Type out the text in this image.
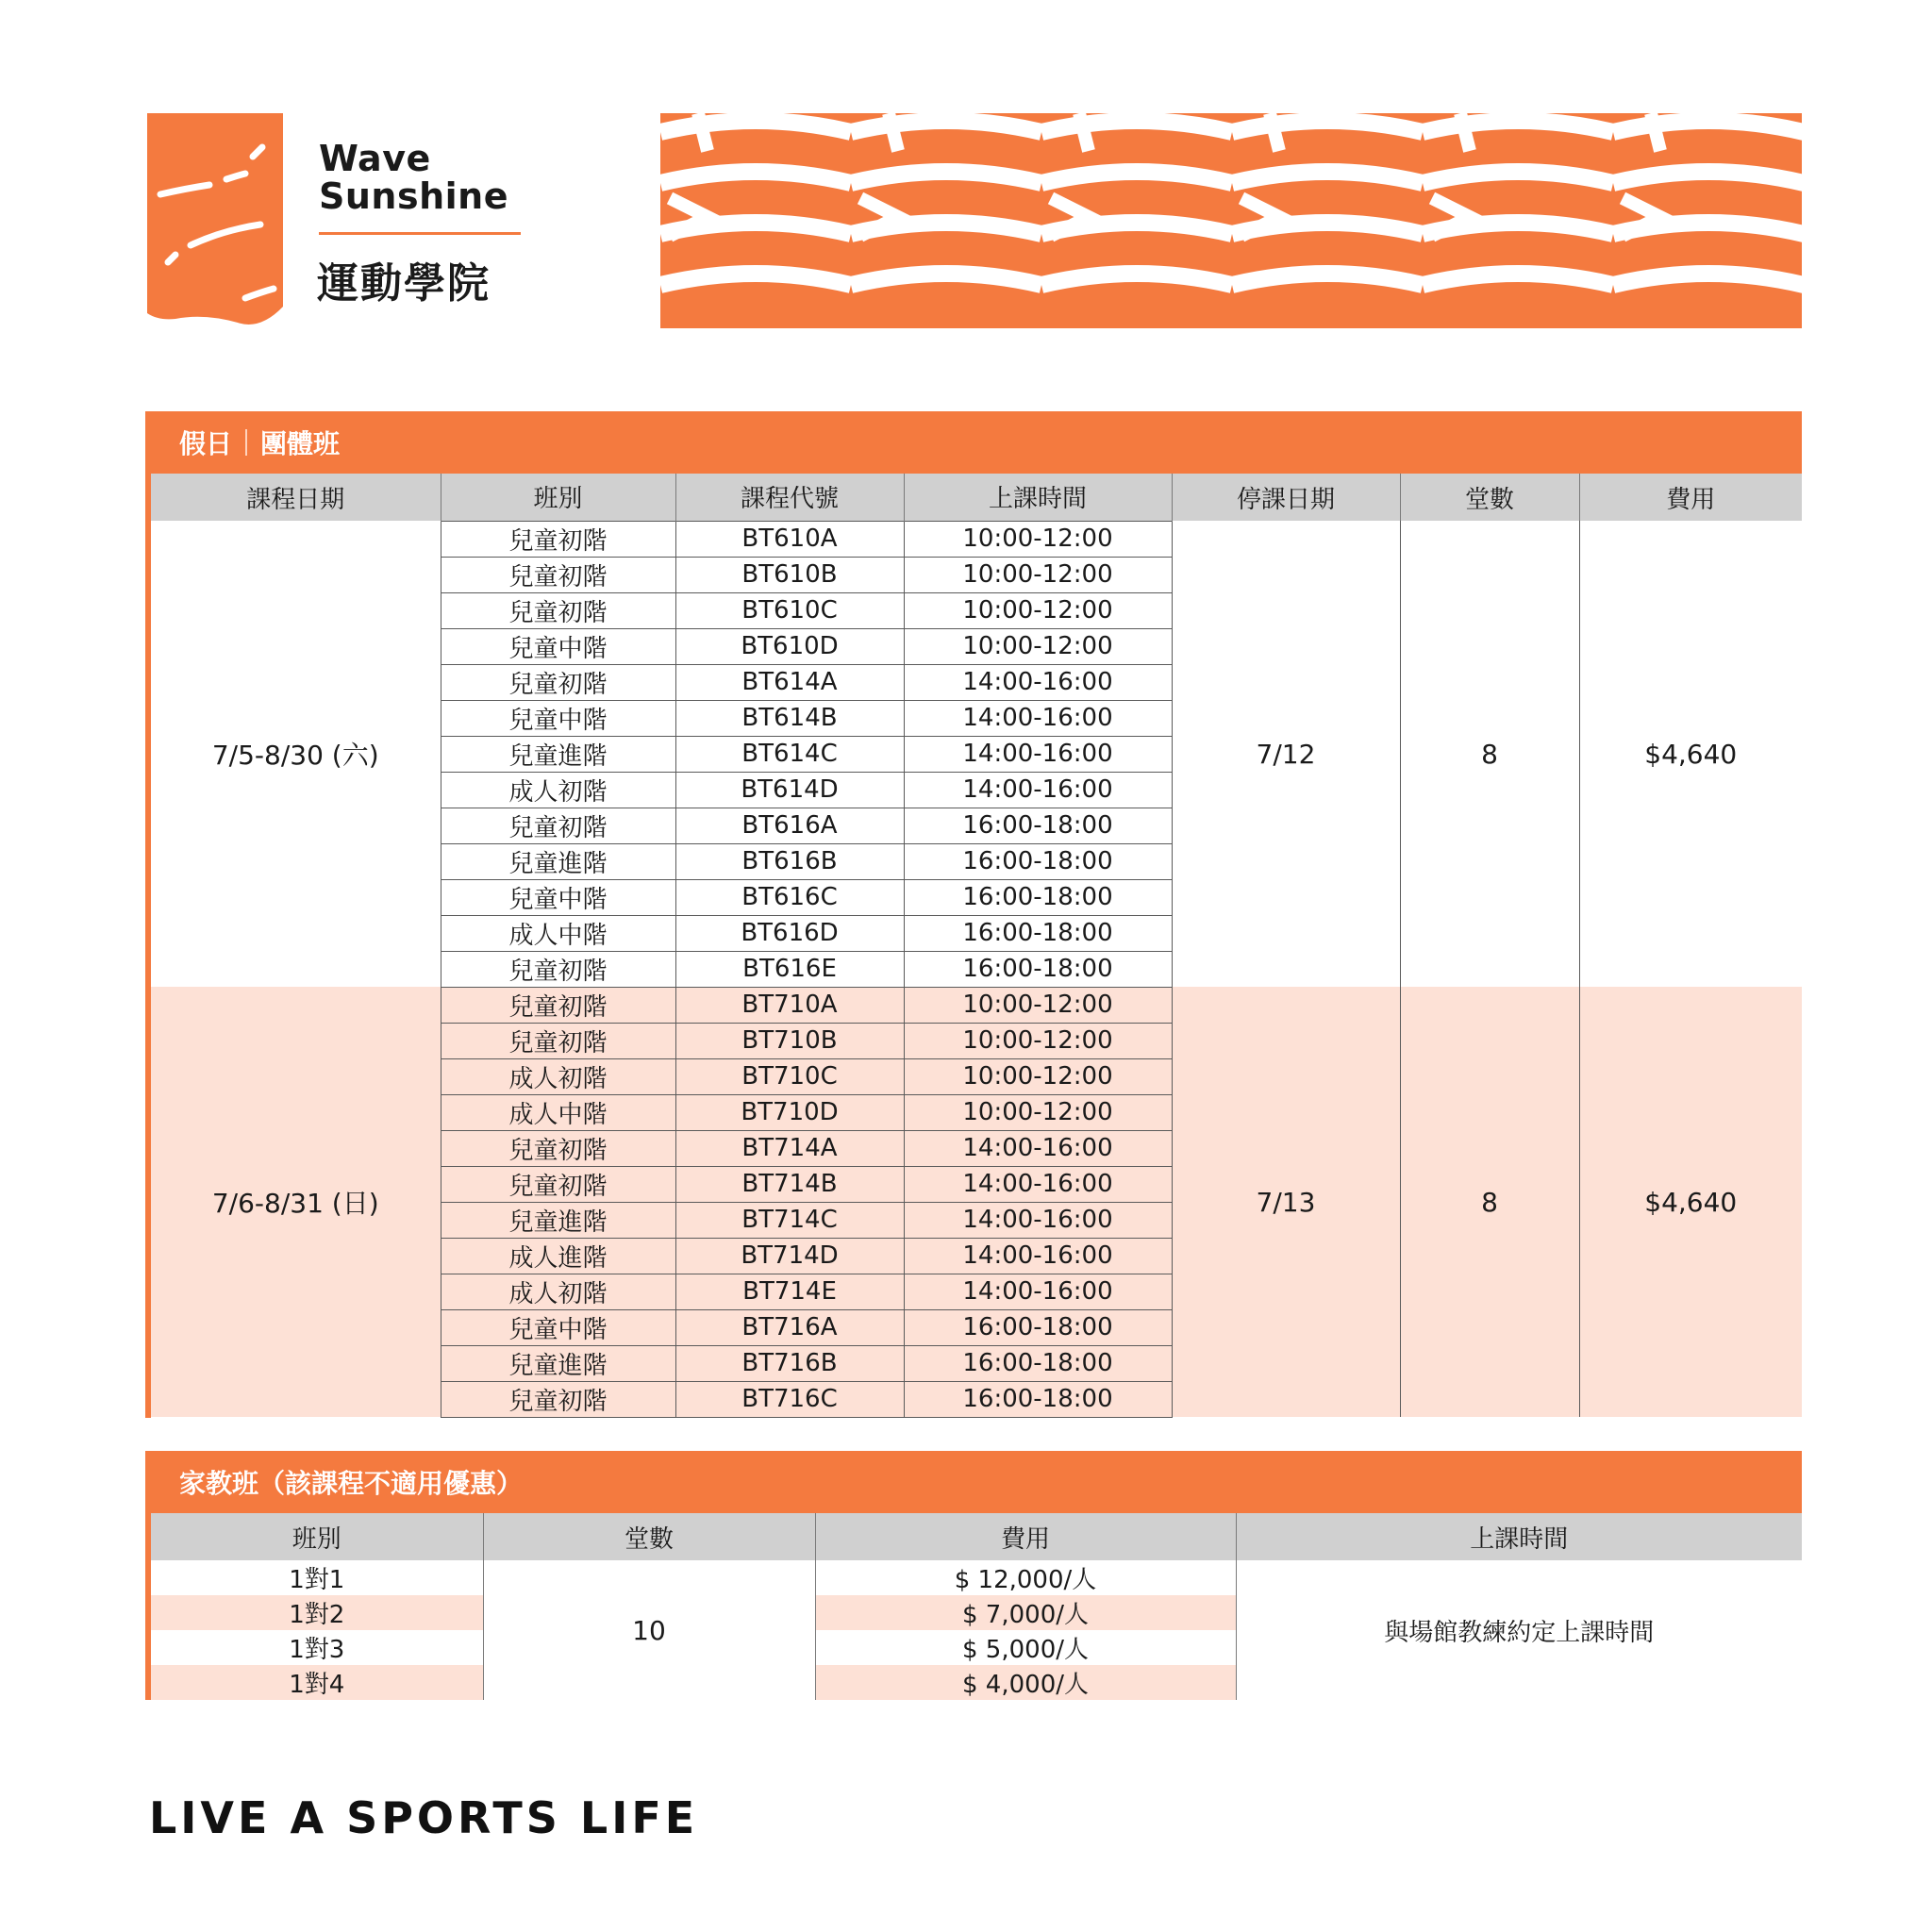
Wave
Sunshine
運動學院
假日 團體班
課程日期	班別	課程代號	上課時間	停課日期	堂數	費用
7/5-8/30 (六)	兒童初階	BT610A	10:00-12:00	7/12	8	$4,640
	兒童初階	BT610B	10:00-12:00			
	兒童初階	BT610C	10:00-12:00			
	兒童中階	BT610D	10:00-12:00			
	兒童初階	BT614A	14:00-16:00			
	兒童中階	BT614B	14:00-16:00			
	兒童進階	BT614C	14:00-16:00			
	成人初階	BT614D	14:00-16:00			
	兒童初階	BT616A	16:00-18:00			
	兒童進階	BT616B	16:00-18:00			
	兒童中階	BT616C	16:00-18:00			
	成人中階	BT616D	16:00-18:00			
	兒童初階	BT616E	16:00-18:00			
7/6-8/31 (日)	兒童初階	BT710A	10:00-12:00	7/13	8	$4,640
	兒童初階	BT710B	10:00-12:00			
	成人初階	BT710C	10:00-12:00			
	成人中階	BT710D	10:00-12:00			
	兒童初階	BT714A	14:00-16:00			
	兒童初階	BT714B	14:00-16:00			
	兒童進階	BT714C	14:00-16:00			
	成人進階	BT714D	14:00-16:00			
	成人初階	BT714E	14:00-16:00			
	兒童中階	BT716A	16:00-18:00			
	兒童進階	BT716B	16:00-18:00			
	兒童初階	BT716C	16:00-18:00			
家教班（該課程不適用優惠）
班別	堂數	費用	上課時間
1對1	10	$ 12,000/人	與場館教練約定上課時間
1對2		$ 7,000/人	
1對3		$ 5,000/人	
1對4		$ 4,000/人	
LIVE A SPORTS LIFE
